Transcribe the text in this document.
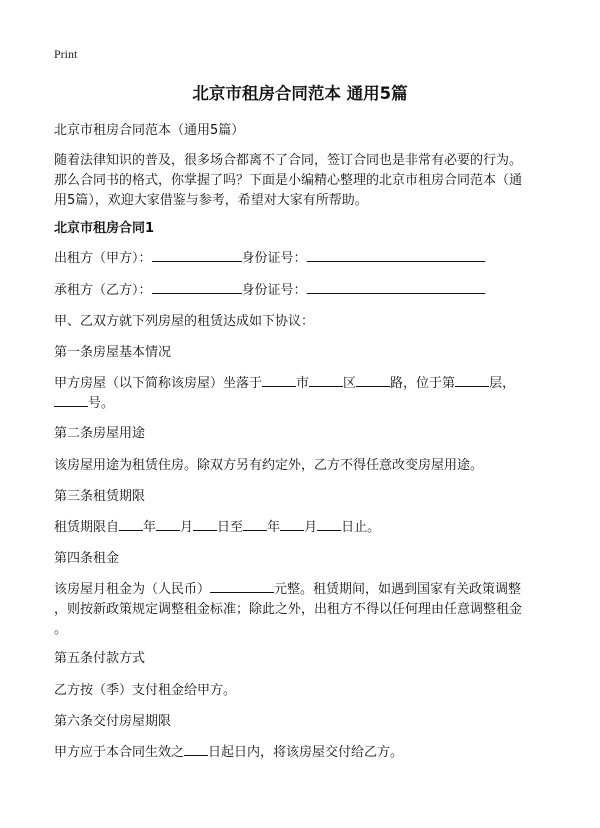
Print
北京市租房合同范本 通用5篇
北京市租房合同范本（通用5篇）
随着法律知识的普及，很多场合都离不了合同，签订合同也是非常有必要的行为。
那么合同书的格式，你掌握了吗？下面是小编精心整理的北京市租房合同范本（通
用5篇），欢迎大家借鉴与参考，希望对大家有所帮助。
北京市租房合同1
出租方（甲方）：	身份证号：
承租方（乙方）：	身份证号：
甲、乙双方就下列房屋的租赁达成如下协议：
第一条房屋基本情况
甲方房屋（以下简称该房屋）坐落于	市	区	路，位于第	层，
号。
第二条房屋用途
该房屋用途为租赁住房。除双方另有约定外，乙方不得任意改变房屋用途。
第三条租赁期限
租赁期限自 年 月 日至 年 月 日止。
第四条租金
该房屋月租金为（人民币）	元整。租赁期间，如遇到国家有关政策调整
，则按新政策规定调整租金标准；除此之外，出租方不得以任何理由任意调整租金
。
第五条付款方式
乙方按（季）支付租金给甲方。
第六条交付房屋期限
甲方应于本合同生效之 日起日内，将该房屋交付给乙方。
